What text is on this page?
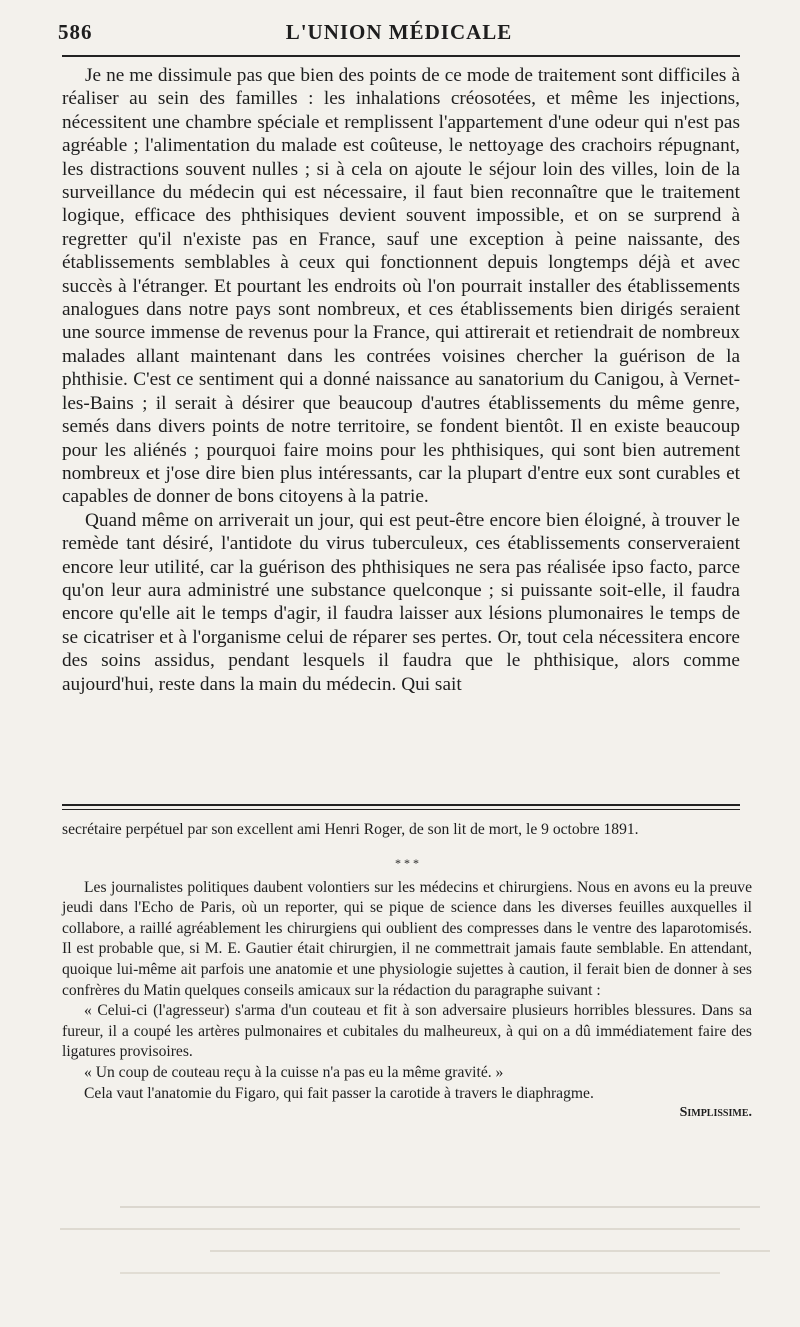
586	L'UNION MÉDICALE

Je ne me dissimule pas que bien des points de ce mode de traitement sont difficiles à réaliser au sein des familles : les inhalations créosotées, et même les injections, nécessitent une chambre spéciale et remplissent l'appartement d'une odeur qui n'est pas agréable ; l'alimentation du malade est coûteuse, le nettoyage des crachoirs répugnant, les distractions souvent nulles ; si à cela on ajoute le séjour loin des villes, loin de la surveillance du médecin qui est nécessaire, il faut bien reconnaître que le traitement logique, efficace des phthisiques devient souvent impossible, et on se surprend à regretter qu'il n'existe pas en France, sauf une exception à peine naissante, des établissements semblables à ceux qui fonctionnent depuis longtemps déjà et avec succès à l'étranger. Et pourtant les endroits où l'on pourrait installer des établissements analogues dans notre pays sont nombreux, et ces établissements bien dirigés seraient une source immense de revenus pour la France, qui attirerait et retiendrait de nombreux malades allant maintenant dans les contrées voisines chercher la guérison de la phthisie. C'est ce sentiment qui a donné naissance au sanatorium du Canigou, à Vernet-les-Bains ; il serait à désirer que beaucoup d'autres établissements du même genre, semés dans divers points de notre territoire, se fondent bientôt. Il en existe beaucoup pour les aliénés ; pourquoi faire moins pour les phthisiques, qui sont bien autrement nombreux et j'ose dire bien plus intéressants, car la plupart d'entre eux sont curables et capables de donner de bons citoyens à la patrie.

Quand même on arriverait un jour, qui est peut-être encore bien éloigné, à trouver le remède tant désiré, l'antidote du virus tuberculeux, ces établissements conserveraient encore leur utilité, car la guérison des phthisiques ne sera pas réalisée ipso facto, parce qu'on leur aura administré une substance quelconque ; si puissante soit-elle, il faudra encore qu'elle ait le temps d'agir, il faudra laisser aux lésions plumonaires le temps de se cicatriser et à l'organisme celui de réparer ses pertes. Or, tout cela nécessitera encore des soins assidus, pendant lesquels il faudra que le phthisique, alors comme aujourd'hui, reste dans la main du médecin. Qui sait

secrétaire perpétuel par son excellent ami Henri Roger, de son lit de mort, le 9 octobre 1891.

* * *

Les journalistes politiques daubent volontiers sur les médecins et chirurgiens. Nous en avons eu la preuve jeudi dans l'Echo de Paris, où un reporter, qui se pique de science dans les diverses feuilles auxquelles il collabore, a raillé agréablement les chirurgiens qui oublient des compresses dans le ventre des laparotomisés. Il est probable que, si M. E. Gautier était chirurgien, il ne commettrait jamais faute semblable. En attendant, quoique lui-même ait parfois une anatomie et une physiologie sujettes à caution, il ferait bien de donner à ses confrères du Matin quelques conseils amicaux sur la rédaction du paragraphe suivant :

« Celui-ci (l'agresseur) s'arma d'un couteau et fit à son adversaire plusieurs horribles blessures. Dans sa fureur, il a coupé les artères pulmonaires et cubitales du malheureux, à qui on a dû immédiatement faire des ligatures provisoires.

« Un coup de couteau reçu à la cuisse n'a pas eu la même gravité. »

Cela vaut l'anatomie du Figaro, qui fait passer la carotide à travers le diaphragme.

Simplissime.
